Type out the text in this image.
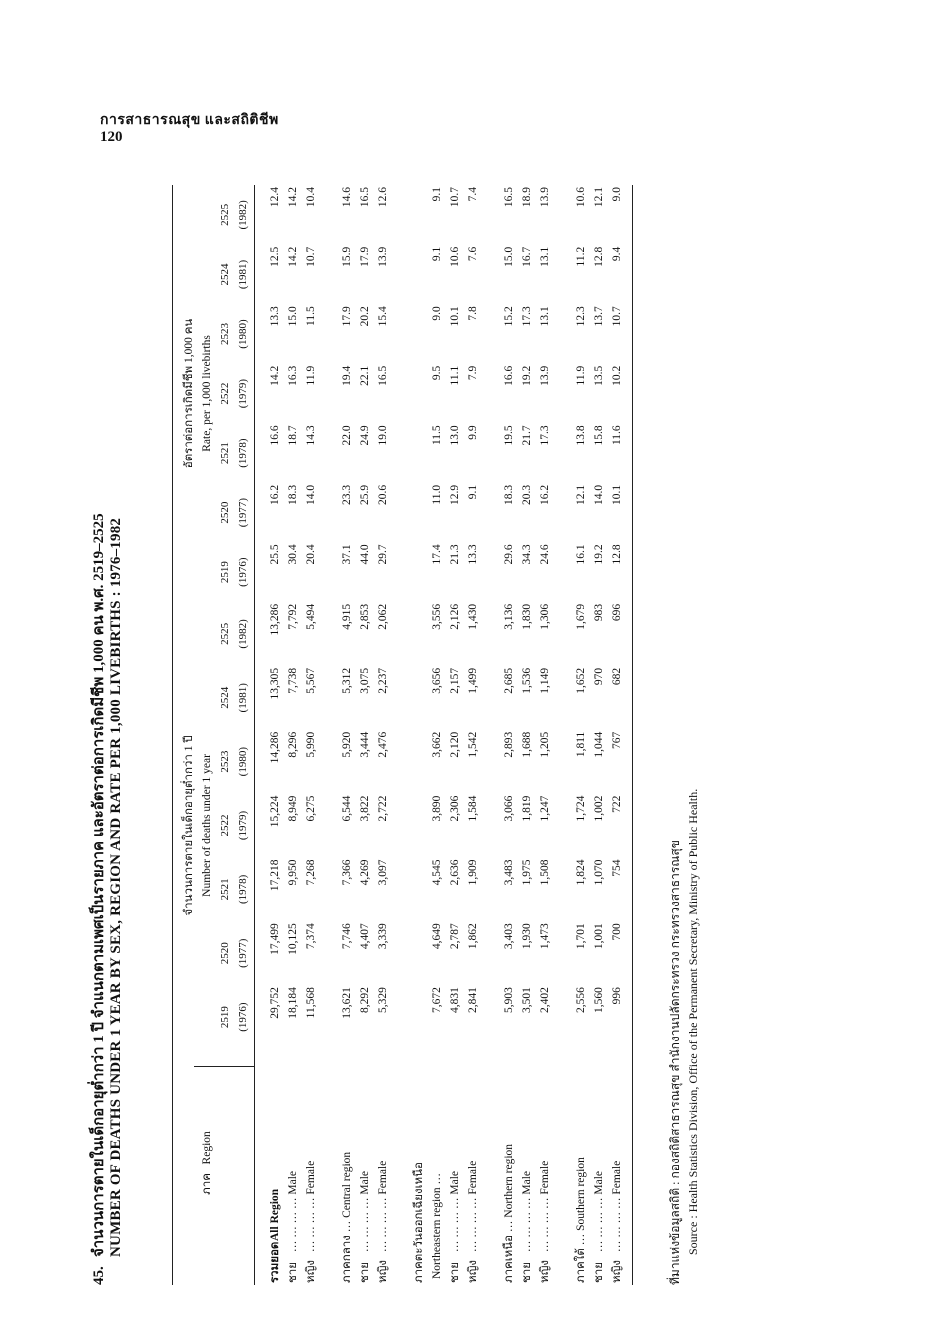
การสาธารณสุข และสถิติชีพ
120
45.จำนวนการตายในเด็กอายุต่ำกว่า 1 ปี จำแนกตามเพศเป็นรายภาค และอัตราต่อการเกิดมีชีพ 1,000 คน พ.ศ. 2519–2525 NUMBER OF DEATHS UNDER 1 YEAR BY SEX, REGION AND RATE PER 1,000 LIVEBIRTHS : 1976–1982

		จำนวนการตายในเด็กอายุต่ำกว่า 1 ปี							อัตราต่อการเกิดมีชีพ 1,000 คน						
ภาค   Region	Number of deaths under 1 year							Rate, per 1,000 livebirths						
	2519	2520	2521	2522	2523	2524	2525	2519	2520	2521	2522	2523	2524	2525
	(1976)	(1977)	(1978)	(1979)	(1980)	(1981)	(1982)	(1976)	(1977)	(1978)	(1979)	(1980)	(1981)	(1982)

รวมยอดAll Region	29,752	17,499	17,218	15,224	14,286	13,305	13,286	25.5	16.2	16.6	14.2	13.3	12.5	12.4
ชาย … … … … Male	18,184	10,125	9,950	8,949	8,296	7,738	7,792	30.4	18.3	18.7	16.3	15.0	14.2	14.2
หญิง … … … … Female	11,568	7,374	7,268	6,275	5,990	5,567	5,494	20.4	14.0	14.3	11.9	11.5	10.7	10.4

ภาคกลาง … Central region	13,621	7,746	7,366	6,544	5,920	5,312	4,915	37.1	23.3	22.0	19.4	17.9	15.9	14.6
ชาย … … … … Male	8,292	4,407	4,269	3,822	3,444	3,075	2,853	44.0	25.9	24.9	22.1	20.2	17.9	16.5
หญิง … … … … Female	5,329	3,339	3,097	2,722	2,476	2,237	2,062	29.7	20.6	19.0	16.5	15.4	13.9	12.6

ภาคตะวันออกเฉียงเหนือ														
Northeastern region …	7,672	4,649	4,545	3,890	3,662	3,656	3,556	17.4	11.0	11.5	9.5	9.0	9.1	9.1
ชาย … … … … Male	4,831	2,787	2,636	2,306	2,120	2,157	2,126	21.3	12.9	13.0	11.1	10.1	10.6	10.7
หญิง … … … … Female	2,841	1,862	1,909	1,584	1,542	1,499	1,430	13.3	9.1	9.9	7.9	7.8	7.6	7.4

ภาคเหนือ … Northern region	5,903	3,403	3,483	3,066	2,893	2,685	3,136	29.6	18.3	19.5	16.6	15.2	15.0	16.5
ชาย … … … … Male	3,501	1,930	1,975	1,819	1,688	1,536	1,830	34.3	20.3	21.7	19.2	17.3	16.7	18.9
หญิง … … … … Female	2,402	1,473	1,508	1,247	1,205	1,149	1,306	24.6	16.2	17.3	13.9	13.1	13.1	13.9

ภาคใต้ … Southern region	2,556	1,701	1,824	1,724	1,811	1,652	1,679	16.1	12.1	13.8	11.9	12.3	11.2	10.6
ชาย … … … … Male	1,560	1,001	1,070	1,002	1,044	970	983	19.2	14.0	15.8	13.5	13.7	12.8	12.1
หญิง … … … … Female	996	700	754	722	767	682	696	12.8	10.1	11.6	10.2	10.7	9.4	9.0
ที่มาแห่งข้อมูลสถิติ : กองสถิติสาธารณสุข สำนักงานปลัดกระทรวง กระทรวงสาธารณสุข Source : Health Statistics Division, Office of the Permanent Secretary, Ministry of Public Health.
